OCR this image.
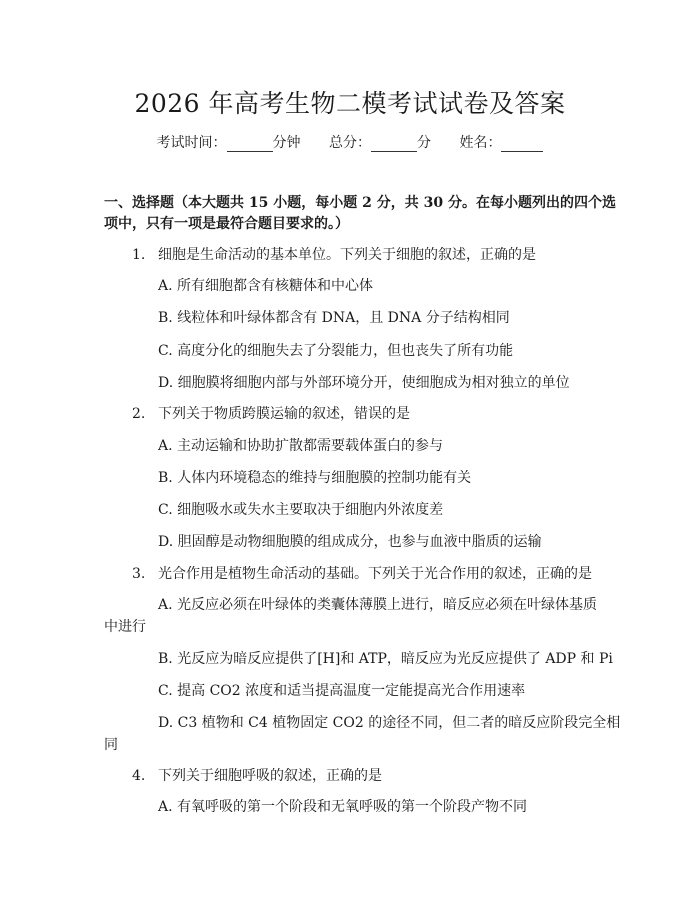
2026 年高考生物二模考试试卷及答案
考试时间：	分钟 总分：	分 姓名：
一、选择题（本大题共 15 小题，每小题 2 分，共 30 分。在每小题列出的四个选
项中，只有一项是最符合题目要求的。）
1. 细胞是生命活动的基本单位。下列关于细胞的叙述，正确的是
A. 所有细胞都含有核糖体和中心体
B. 线粒体和叶绿体都含有 DNA，且 DNA 分子结构相同
C. 高度分化的细胞失去了分裂能力，但也丧失了所有功能
D. 细胞膜将细胞内部与外部环境分开，使细胞成为相对独立的单位
2. 下列关于物质跨膜运输的叙述，错误的是
A. 主动运输和协助扩散都需要载体蛋白的参与
B. 人体内环境稳态的维持与细胞膜的控制功能有关
C. 细胞吸水或失水主要取决于细胞内外浓度差
D. 胆固醇是动物细胞膜的组成成分，也参与血液中脂质的运输
3. 光合作用是植物生命活动的基础。下列关于光合作用的叙述，正确的是
A. 光反应必须在叶绿体的类囊体薄膜上进行，暗反应必须在叶绿体基质
中进行
B. 光反应为暗反应提供了[H]和 ATP，暗反应为光反应提供了 ADP 和 Pi
C. 提高 CO2 浓度和适当提高温度一定能提高光合作用速率
D. C3 植物和 C4 植物固定 CO2 的途径不同，但二者的暗反应阶段完全相
同
4. 下列关于细胞呼吸的叙述，正确的是
A. 有氧呼吸的第一个阶段和无氧呼吸的第一个阶段产物不同
